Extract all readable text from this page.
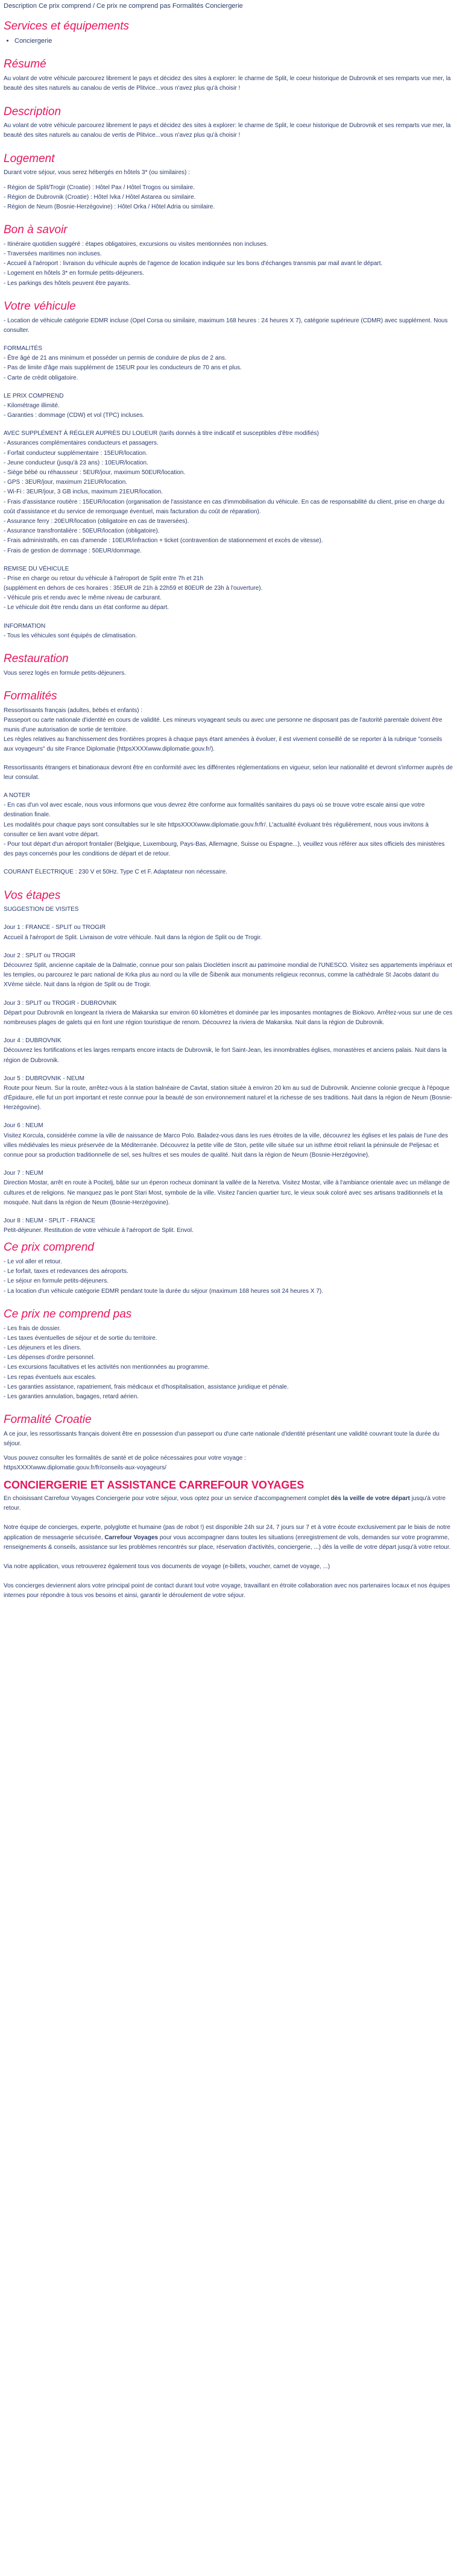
Description Ce prix comprend / Ce prix ne comprend pas Formalités Conciergerie
Services et équipements
• Conciergerie
Résumé
Au volant de votre véhicule parcourez librement le pays et décidez des sites à explorer: le charme de Split, le coeur historique de Dubrovnik et ses remparts vue mer, la beauté des sites naturels au canalou de vertis de Plitvice...vous n'avez plus qu'à choisir !
Description
Au volant de votre véhicule parcourez librement le pays et décidez des sites à explorer: le charme de Split, le coeur historique de Dubrovnik et ses remparts vue mer, la beauté des sites naturels au canalou de vertis de Plitvice...vous n'avez plus qu'à choisir !
Logement
Durant votre séjour, vous serez hébergés en hôtels 3* (ou similaires) :
- Région de Split/Trogir (Croatie) : Hôtel Pax / Hôtel Trogos ou similaire.
- Région de Dubrovnik (Croatie) : Hôtel Ivka / Hôtel Astarea ou similaire.
- Région de Neum (Bosnie-Herzégovine) : Hôtel Orka / Hôtel Adria ou similaire.
Bon à savoir
- Itinéraire quotidien suggéré : étapes obligatoires, excursions ou visites mentionnées non incluses.
- Traversées maritimes non incluses.
- Accueil à l'aéroport : livraison du véhicule auprès de l'agence de location indiquée sur les bons d'échanges transmis par mail avant le départ.
- Logement en hôtels 3* en formule petits-déjeuners.
- Les parkings des hôtels peuvent être payants.
Votre véhicule
- Location de véhicule catégorie EDMR incluse (Opel Corsa ou similaire, maximum 168 heures : 24 heures X 7), catégorie supérieure (CDMR) avec supplément. Nous consulter.
FORMALITÉS
- Être âgé de 21 ans minimum et posséder un permis de conduire de plus de 2 ans.
- Pas de limite d'âge mais supplément de 15EUR pour les conducteurs de 70 ans et plus.
- Carte de crédit obligatoire.
LE PRIX COMPREND
- Kilométrage illimité.
- Garanties : dommage (CDW) et vol (TPC) incluses.
AVEC SUPPLÉMENT À RÉGLER AUPRÈS DU LOUEUR (tarifs donnés à titre indicatif et susceptibles d'être modifiés)
- Assurances complémentaires conducteurs et passagers.
- Forfait conducteur supplémentaire : 15EUR/location.
- Jeune conducteur (jusqu'à 23 ans) : 10EUR/location.
- Siège bébé ou réhausseur : 5EUR/jour, maximum 50EUR/location.
- GPS : 3EUR/jour, maximum 21EUR/location.
- Wi-Fi : 3EUR/jour, 3 GB inclus, maximum 21EUR/location.
- Frais d'assistance routière : 15EUR/location (organisation de l'assistance en cas d'immobilisation du véhicule. En cas de responsabilité du client, prise en charge du coût d'assistance et du service de remorquage éventuel, mais facturation du coût de réparation).
- Assurance ferry : 20EUR/location (obligatoire en cas de traversées).
- Assurance transfrontalière : 50EUR/location (obligatoire).
- Frais administratifs, en cas d'amende : 10EUR/infraction + ticket (contravention de stationnement et excès de vitesse).
- Frais de gestion de dommage : 50EUR/dommage.
REMISE DU VÉHICULE
- Prise en charge ou retour du véhicule à l'aéroport de Split entre 7h et 21h
(supplément en dehors de ces horaires : 35EUR de 21h à 22h59 et 80EUR de 23h à l'ouverture).
- Véhicule pris et rendu avec le même niveau de carburant.
- Le véhicule doit être rendu dans un état conforme au départ.
INFORMATION
- Tous les véhicules sont équipés de climatisation.
Restauration
Vous serez logés en formule petits-déjeuners.
Formalités
Ressortissants français (adultes, bébés et enfants) :
Passeport ou carte nationale d'identité en cours de validité. Les mineurs voyageant seuls ou avec une personne ne disposant pas de l'autorité parentale doivent être munis d'une autorisation de sortie de territoire.
Les règles relatives au franchissement des frontières propres à chaque pays étant amenées à évoluer, il est vivement conseillé de se reporter à la rubrique "conseils aux voyageurs" du site France Diplomatie (httpsXXXXwww.diplomatie.gouv.fr/).
Ressortissants étrangers et binationaux devront être en conformité avec les différentes réglementations en vigueur, selon leur nationalité et devront s'informer auprès de leur consulat.
A NOTER
- En cas d'un vol avec escale, nous vous informons que vous devrez être conforme aux formalités sanitaires du pays où se trouve votre escale ainsi que votre destination finale.
Les modalités pour chaque pays sont consultables sur le site httpsXXXXwww.diplomatie.gouv.fr/fr/. L'actualité évoluant très régulièrement, nous vous invitons à consulter ce lien avant votre départ.
- Pour tout départ d'un aéroport frontalier (Belgique, Luxembourg, Pays-Bas, Allemagne, Suisse ou Espagne...), veuillez vous référer aux sites officiels des ministères des pays concernés pour les conditions de départ et de retour.
COURANT ÉLECTRIQUE : 230 V et 50Hz. Type C et F. Adaptateur non nécessaire.
Vos étapes
SUGGESTION DE VISITES
Jour 1 : FRANCE - SPLIT ou TROGIR
Accueil à l'aéroport de Split. Livraison de votre véhicule. Nuit dans la région de Split ou de Trogir.
Jour 2 : SPLIT ou TROGIR
Découvrez Split, ancienne capitale de la Dalmatie, connue pour son palais Dioclétien inscrit au patrimoine mondial de l'UNESCO. Visitez ses appartements impériaux et les temples, ou parcourez le parc national de Krka plus au nord ou la ville de Šibenik aux monuments religieux reconnus, comme la cathédrale St Jacobs datant du XVème siècle. Nuit dans la région de Split ou de Trogir.
Jour 3 : SPLIT ou TROGIR - DUBROVNIK
Départ pour Dubrovnik en longeant la riviera de Makarska sur environ 60 kilomètres et dominée par les imposantes montagnes de Biokovo. Arrêtez-vous sur une de ces nombreuses plages de galets qui en font une région touristique de renom. Découvrez la riviera de Makarska. Nuit dans la région de Dubrovnik.
Jour 4 : DUBROVNIK
Découvrez les fortifications et les larges remparts encore intacts de Dubrovnik, le fort Saint-Jean, les innombrables églises, monastères et anciens palais. Nuit dans la région de Dubrovnik.
Jour 5 : DUBROVNIK - NEUM
Route pour Neum. Sur la route, arrêtez-vous à la station balnéaire de Cavtat, station située à environ 20 km au sud de Dubrovnik. Ancienne colonie grecque à l'époque d'Épidaure, elle fut un port important et reste connue pour la beauté de son environnement naturel et la richesse de ses traditions. Nuit dans la région de Neum (Bosnie-Herzégovine).
Jour 6 : NEUM
Visitez Korcula, considérée comme la ville de naissance de Marco Polo. Baladez-vous dans les rues étroites de la ville, découvrez les églises et les palais de l'une des villes médiévales les mieux préservée de la Méditerranée. Découvrez la petite ville de Ston, petite ville située sur un isthme étroit reliant la péninsule de Peljesac et connue pour sa production traditionnelle de sel, ses huîtres et ses moules de qualité. Nuit dans la région de Neum (Bosnie-Herzégovine).
Jour 7 : NEUM
Direction Mostar, arrêt en route à Pocitelj, bâtie sur un éperon rocheux dominant la vallée de la Neretva. Visitez Mostar, ville à l'ambiance orientale avec un mélange de cultures et de religions. Ne manquez pas le pont Stari Most, symbole de la ville. Visitez l'ancien quartier turc, le vieux souk coloré avec ses artisans traditionnels et la mosquée. Nuit dans la région de Neum (Bosnie-Herzégovine).
Jour 8 : NEUM - SPLIT - FRANCE
Petit-déjeuner. Restitution de votre véhicule à l'aéroport de Split. Envol.
Ce prix comprend
- Le vol aller et retour.
- Le forfait, taxes et redevances des aéroports.
- Le séjour en formule petits-déjeuners.
- La location d'un véhicule catégorie EDMR pendant toute la durée du séjour (maximum 168 heures soit 24 heures X 7).
Ce prix ne comprend pas
- Les frais de dossier.
- Les taxes éventuelles de séjour et de sortie du territoire.
- Les déjeuners et les dîners.
- Les dépenses d'ordre personnel.
- Les excursions facultatives et les activités non mentionnées au programme.
- Les repas éventuels aux escales.
- Les garanties assistance, rapatriement, frais médicaux et d'hospitalisation, assistance juridique et pénale.
- Les garanties annulation, bagages, retard aérien.
Formalité Croatie
A ce jour, les ressortissants français doivent être en possession d'un passeport ou d'une carte nationale d'identité présentant une validité couvrant toute la durée du séjour.
Vous pouvez consulter les formalités de santé et de police nécessaires pour votre voyage :
httpsXXXXwww.diplomatie.gouv.fr/fr/conseils-aux-voyageurs/
CONCIERGERIE ET ASSISTANCE CARREFOUR VOYAGES
En choisissant Carrefour Voyages Conciergerie pour votre séjour, vous optez pour un service d'accompagnement complet dès la veille de votre départ jusqu'à votre retour.
Notre équipe de concierges, experte, polyglotte et humaine (pas de robot !) est disponible 24h sur 24, 7 jours sur 7 et à votre écoute exclusivement par le biais de notre application de messagerie sécurisée, Carrefour Voyages pour vous accompagner dans toutes les situations (enregistrement de vols, demandes sur votre programme, renseignements & conseils, assistance sur les problèmes rencontrés sur place, réservation d'activités, conciergerie, ...) dès la veille de votre départ jusqu'à votre retour.
Via notre application, vous retrouverez également tous vos documents de voyage (e-billets, voucher, carnet de voyage, ...)
Vos concierges deviennent alors votre principal point de contact durant tout votre voyage, travaillant en étroite collaboration avec nos partenaires locaux et nos équipes internes pour répondre à tous vos besoins et ainsi, garantir le déroulement de votre séjour.
